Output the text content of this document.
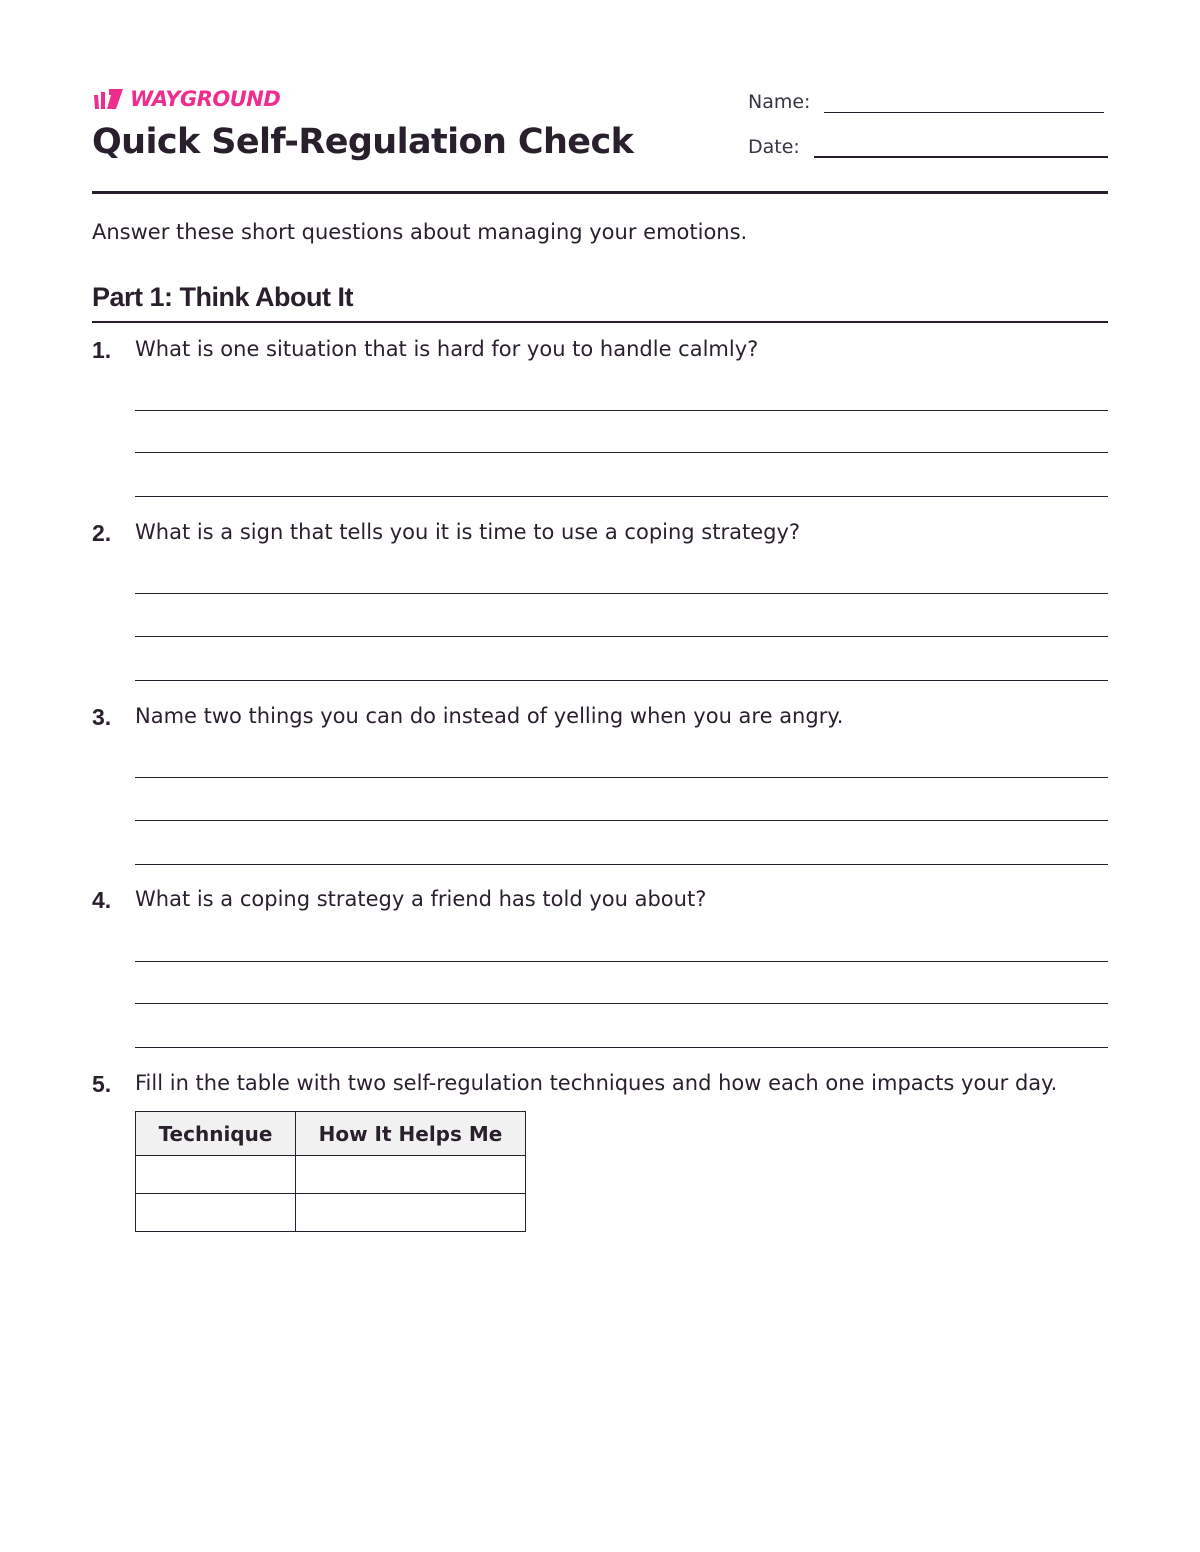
WAYGROUND
Quick Self-Regulation Check
Name:
Date:

Answer these short questions about managing your emotions.

Part 1: Think About It
1. What is one situation that is hard for you to handle calmly?
2. What is a sign that tells you it is time to use a coping strategy?
3. Name two things you can do instead of yelling when you are angry.
4. What is a coping strategy a friend has told you about?
5. Fill in the table with two self-regulation techniques and how each one impacts your day.
Technique	How It Helps Me
